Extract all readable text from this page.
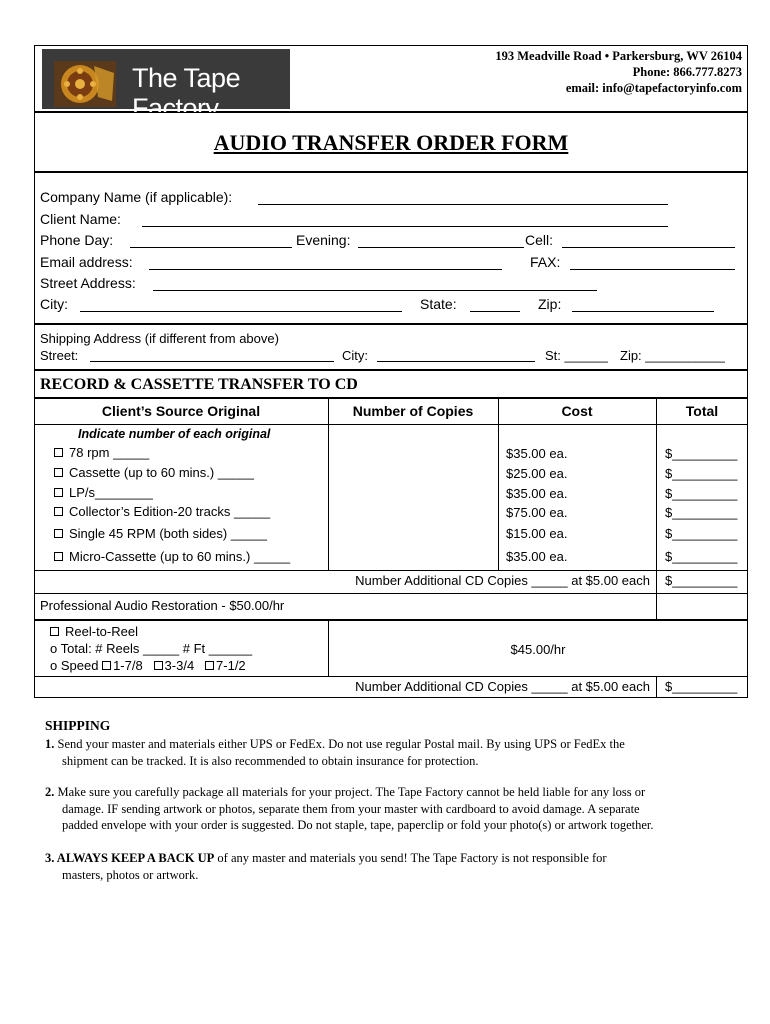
The Tape Factory
193 Meadville Road • Parkersburg, WV 26104
Phone: 866.777.8273
email: info@tapefactoryinfo.com
AUDIO TRANSFER ORDER FORM
Company Name (if applicable):
Client Name:
Phone Day:	Evening:	Cell:
Email address:	FAX:
Street Address:
City:	State:	Zip:
Shipping Address (if different from above)
Street:	City:	St: ______ Zip: ___________
RECORD & CASSETTE TRANSFER TO CD
Client’s Source Original	Number of Copies	Cost	Total
Indicate number of each original
78 rpm _____	$35.00 ea.	$_________
Cassette (up to 60 mins.) _____	$25.00 ea.	$_________
LP/s________	$35.00 ea.	$_________
Collector’s Edition-20 tracks _____	$75.00 ea.	$_________
Single 45 RPM (both sides) _____	$15.00 ea.	$_________
Micro-Cassette (up to 60 mins.) _____	$35.00 ea.	$_________
Number Additional CD Copies _____ at $5.00 each $_________
Professional Audio Restoration - $50.00/hr
Reel-to-Reel
o Total: # Reels _____ # Ft ______
o Speed 1-7/8 3-3/4 7-1/2
$45.00/hr
Number Additional CD Copies _____ at $5.00 each $_________
SHIPPING
1. Send your master and materials either UPS or FedEx. Do not use regular Postal mail. By using UPS or FedEx the
shipment can be tracked. It is also recommended to obtain insurance for protection.
2. Make sure you carefully package all materials for your project. The Tape Factory cannot be held liable for any loss or
damage. IF sending artwork or photos, separate them from your master with cardboard to avoid damage. A separate
padded envelope with your order is suggested. Do not staple, tape, paperclip or fold your photo(s) or artwork together.
3. ALWAYS KEEP A BACK UP of any master and materials you send! The Tape Factory is not responsible for
masters, photos or artwork.
